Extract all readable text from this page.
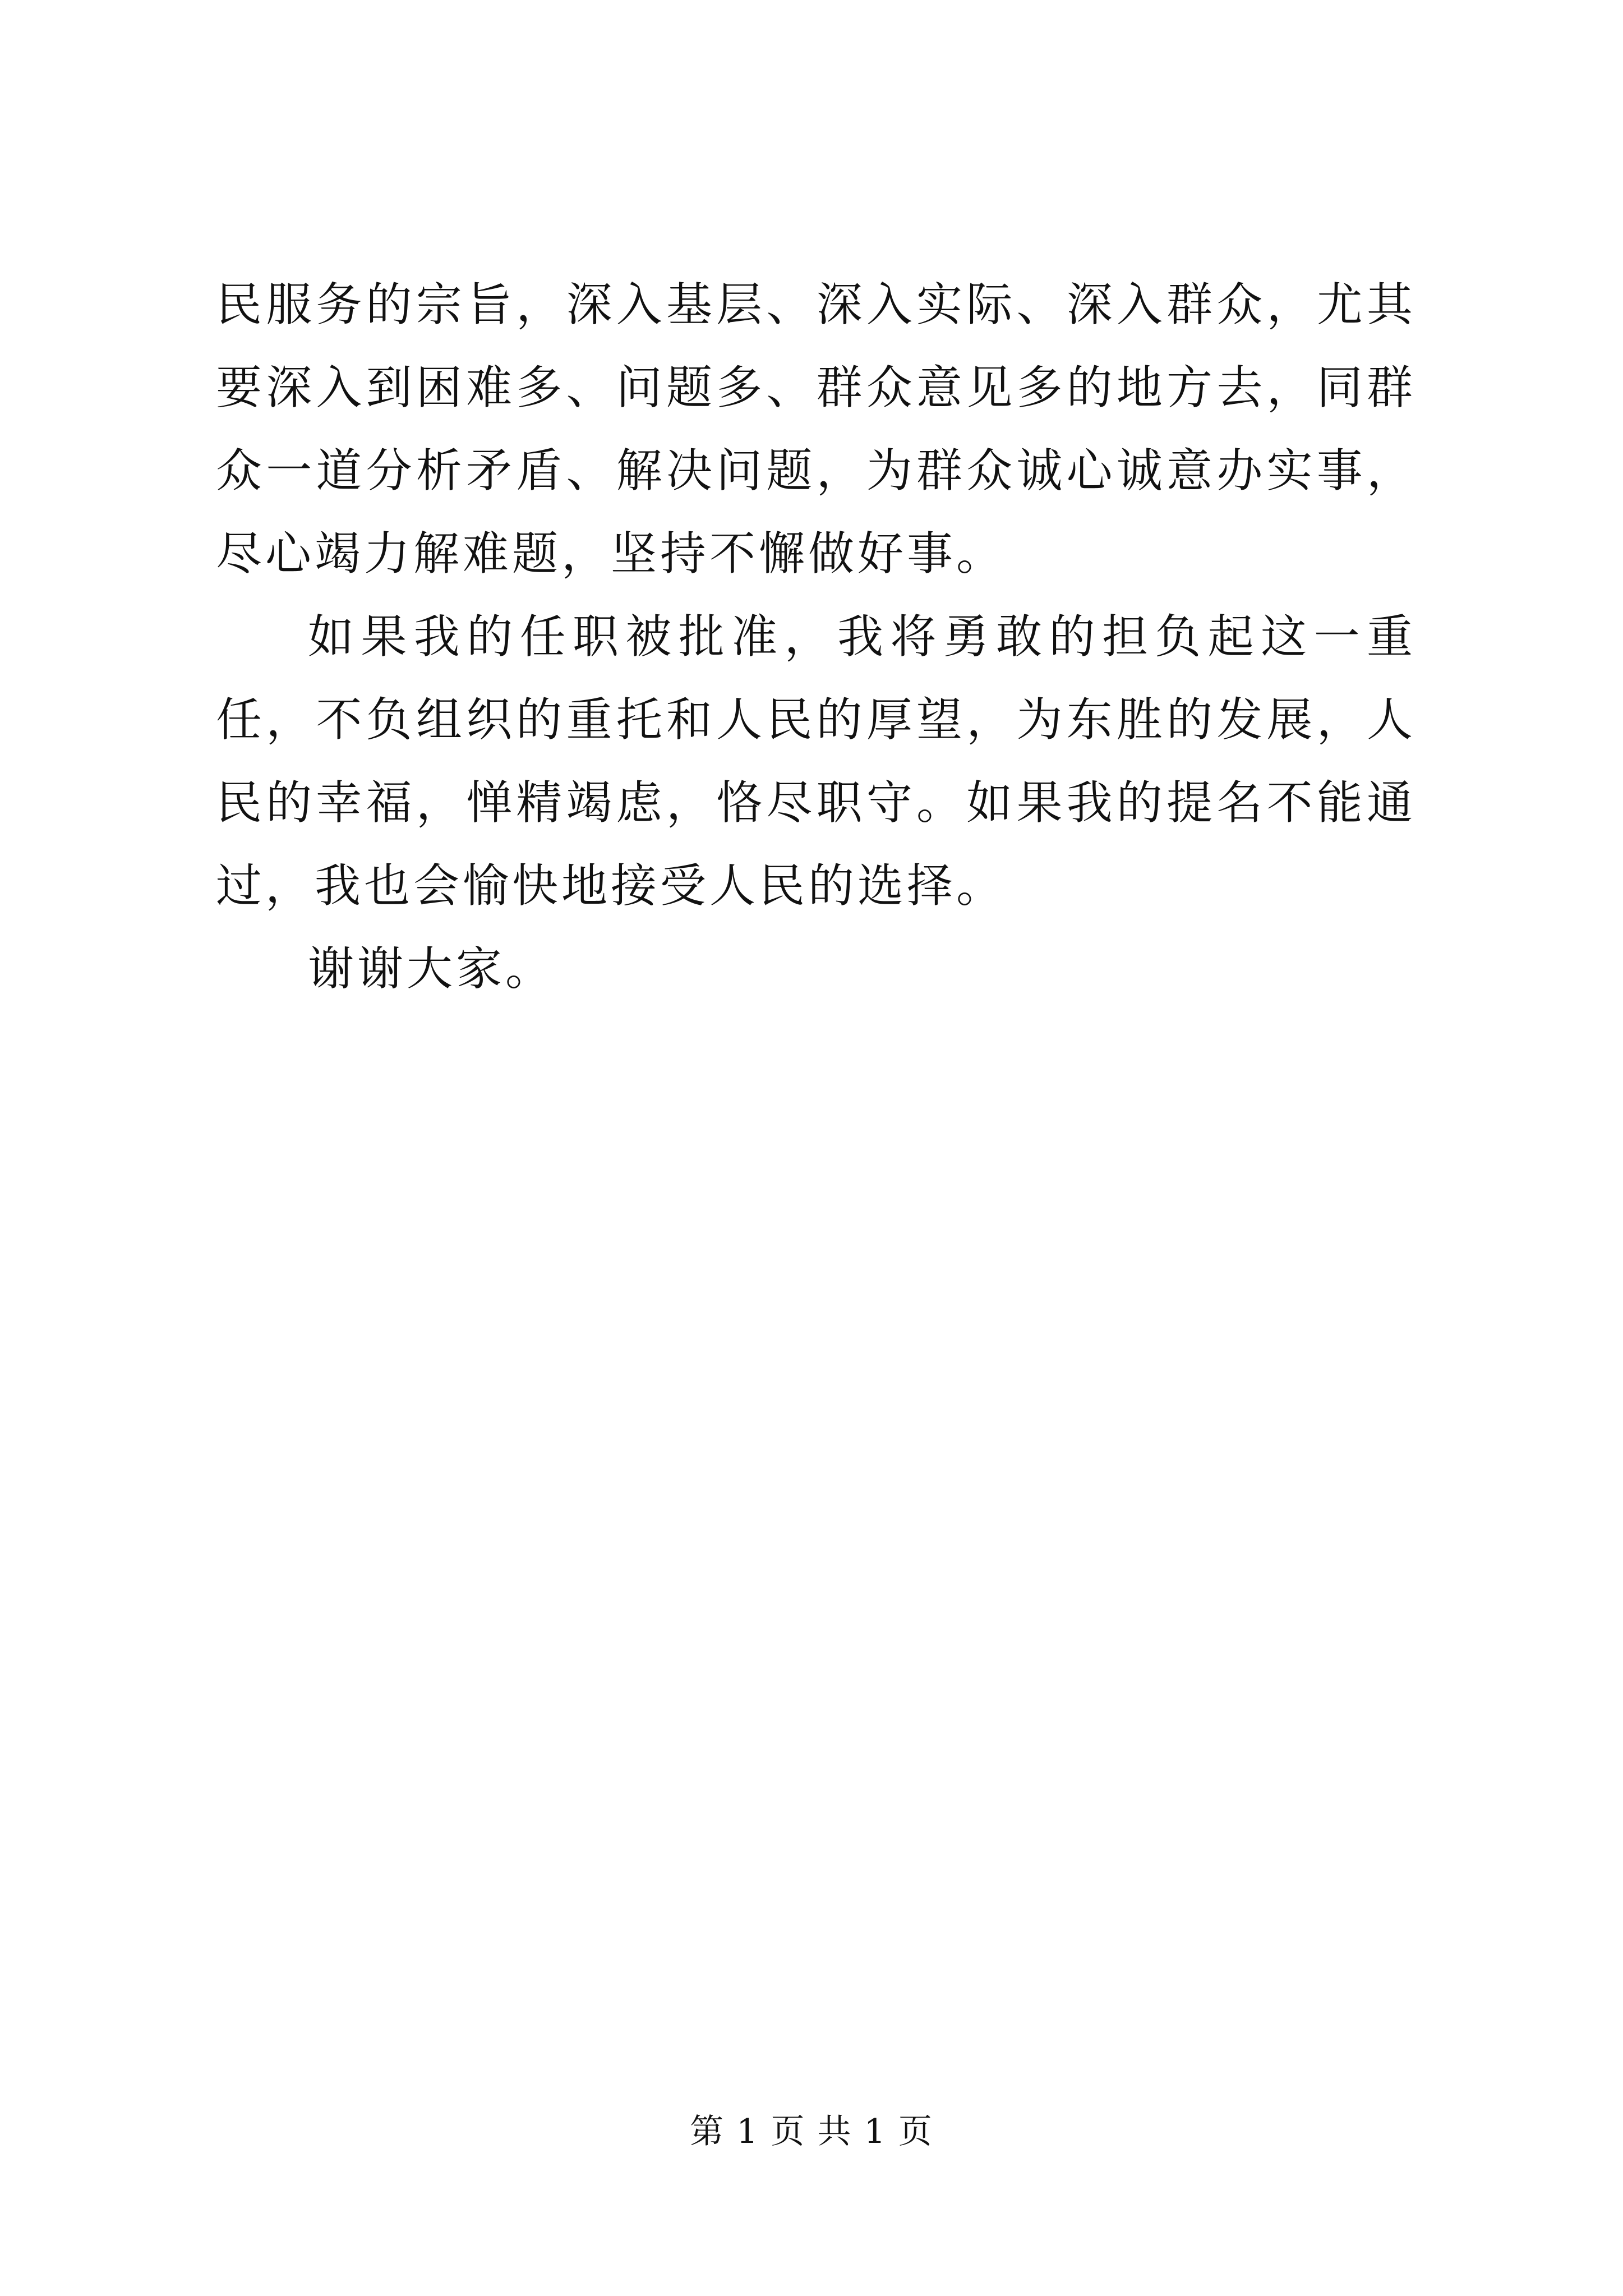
民服务的宗旨，深入基层、深入实际、深入群众，尤其要深入到困难多、问题多、群众意见多的地方去，同群众一道分析矛盾、解决问题，为群众诚心诚意办实事，尽心竭力解难题，坚持不懈做好事。

如果我的任职被批准，我将勇敢的担负起这一重任，不负组织的重托和人民的厚望，为东胜的发展，人民的幸福，惮精竭虑，恪尽职守。如果我的提名不能通过，我也会愉快地接受人民的选择。

谢谢大家。

第 1 页 共 1 页
